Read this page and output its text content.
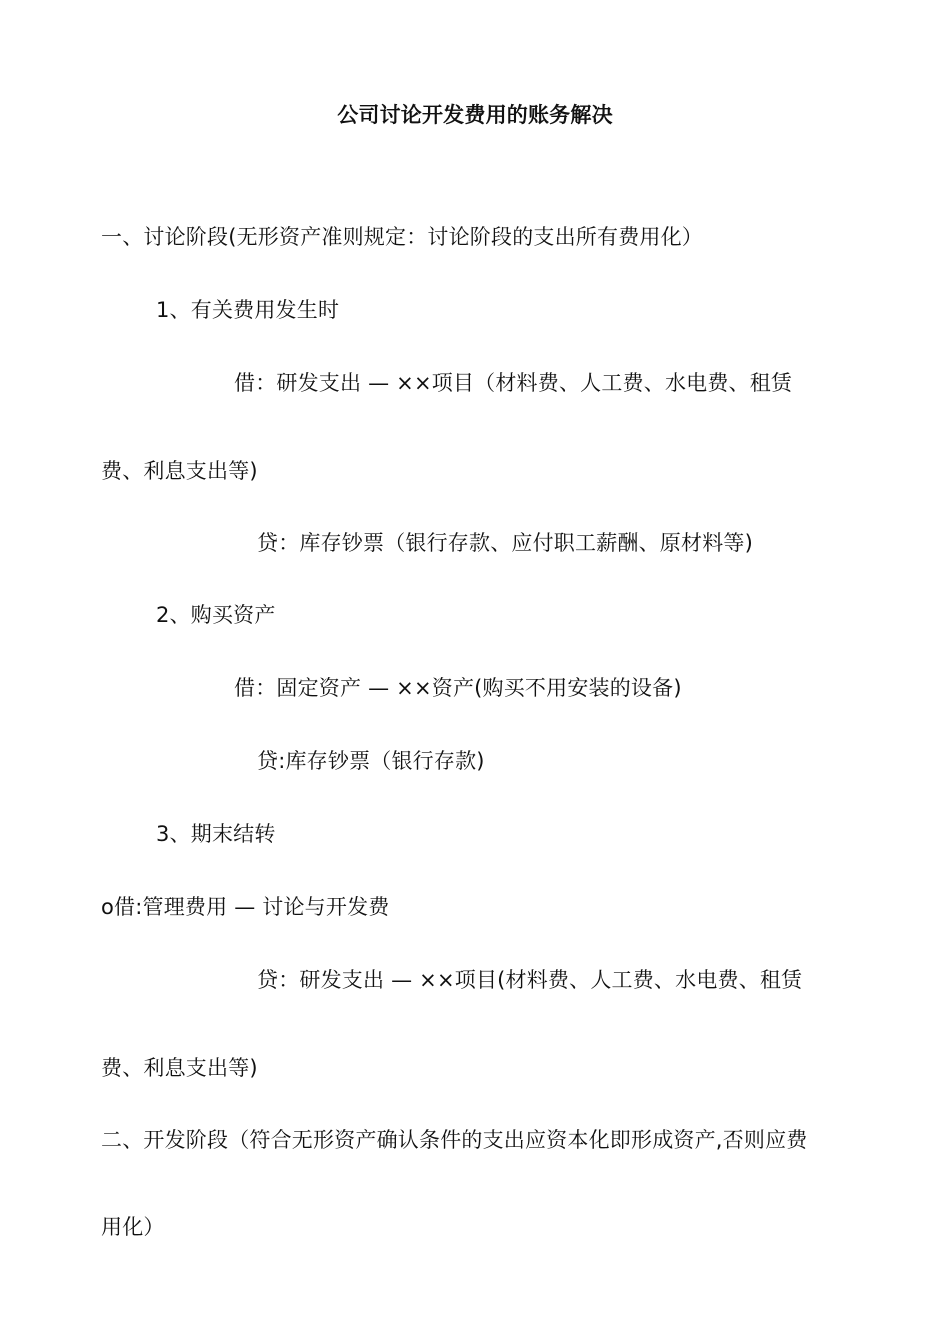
公司讨论开发费用的账务解决
一、讨论阶段(无形资产准则规定：讨论阶段的支出所有费用化）
1、有关费用发生时
借：研发支出 — ××项目（材料费、人工费、水电费、租赁
费、利息支出等)
贷：库存钞票（银行存款、应付职工薪酬、原材料等)
2、购买资产
借：固定资产 — ××资产(购买不用安装的设备)
贷:库存钞票（银行存款)
3、期末结转
o借:管理费用 — 讨论与开发费
贷：研发支出 — ××项目(材料费、人工费、水电费、租赁
费、利息支出等)
二、开发阶段（符合无形资产确认条件的支出应资本化即形成资产,否则应费
用化）
